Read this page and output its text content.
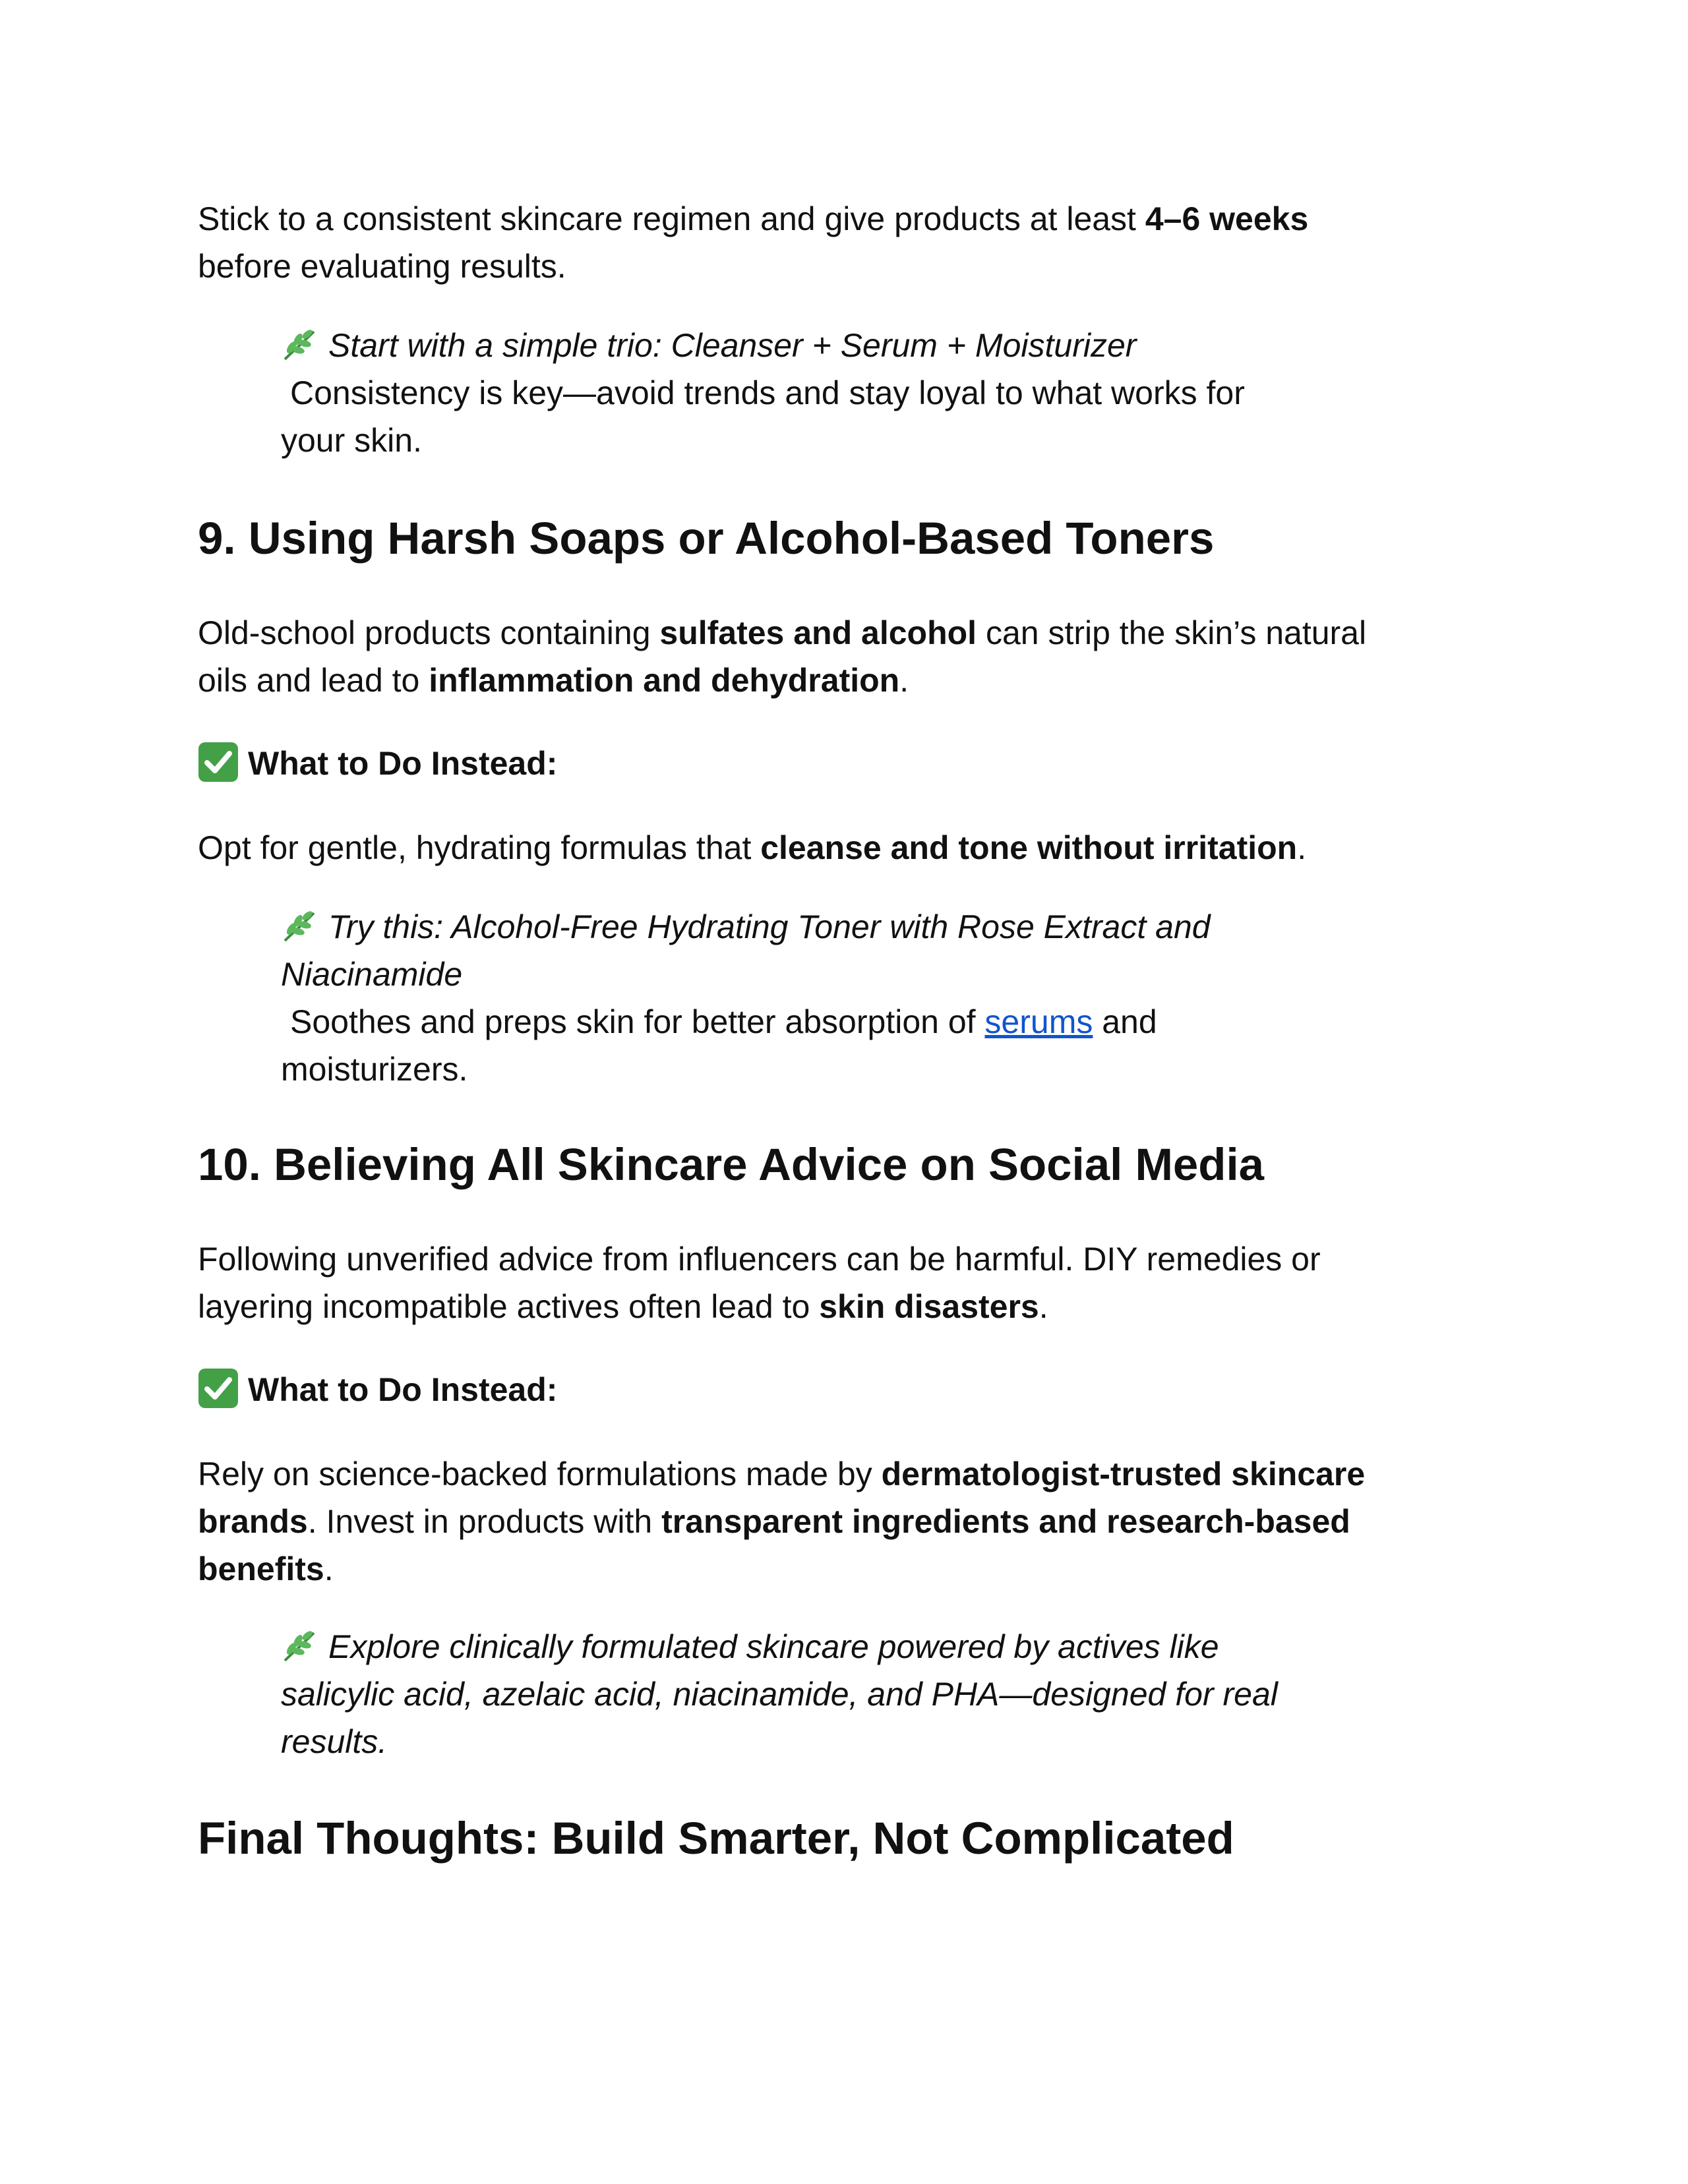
Stick to a consistent skincare regimen and give products at least 4–6 weeks
before evaluating results.

Start with a simple trio: Cleanser + Serum + Moisturizer
Consistency is key—avoid trends and stay loyal to what works for
your skin.
9. Using Harsh Soaps or Alcohol-Based Toners

Old-school products containing sulfates and alcohol can strip the skin’s natural
oils and lead to inflammation and dehydration.

What to Do Instead:

Opt for gentle, hydrating formulas that cleanse and tone without irritation.

Try this: Alcohol-Free Hydrating Toner with Rose Extract and
Niacinamide
Soothes and preps skin for better absorption of serums and
moisturizers.
10. Believing All Skincare Advice on Social Media

Following unverified advice from influencers can be harmful. DIY remedies or
layering incompatible actives often lead to skin disasters.

What to Do Instead:

Rely on science-backed formulations made by dermatologist-trusted skincare
brands. Invest in products with transparent ingredients and research-based
benefits.

Explore clinically formulated skincare powered by actives like
salicylic acid, azelaic acid, niacinamide, and PHA—designed for real
results.
Final Thoughts: Build Smarter, Not Complicated
